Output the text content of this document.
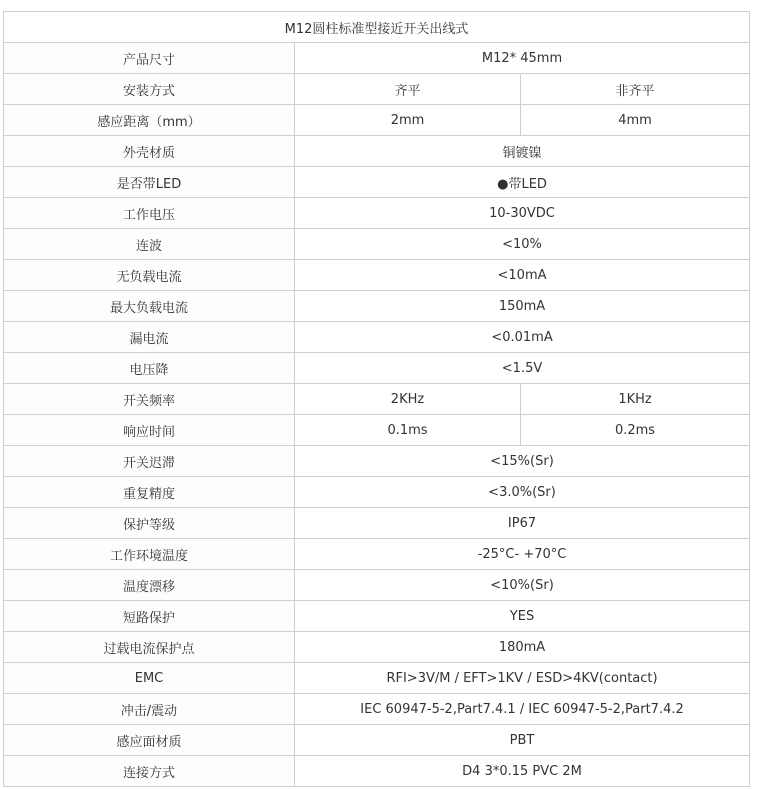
M12圆柱标准型接近开关出线式		
产品尺寸	M12* 45mm	
安装方式	齐平	非齐平
感应距离（mm）	2mm	4mm
外壳材质	铜镀镍	
是否带LED	●带LED	
工作电压	10-30VDC	
连波	<10%	
无负载电流	<10mA	
最大负载电流	150mA	
漏电流	<0.01mA	
电压降	<1.5V	
开关频率	2KHz	1KHz
响应时间	0.1ms	0.2ms
开关迟滞	<15%(Sr)	
重复精度	<3.0%(Sr)	
保护等级	IP67	
工作环境温度	-25°C- +70°C	
温度漂移	<10%(Sr)	
短路保护	YES	
过载电流保护点	180mA	
EMC	RFI>3V/M / EFT>1KV / ESD>4KV(contact)	
冲击/震动	IEC 60947-5-2,Part7.4.1 / IEC 60947-5-2,Part7.4.2	
感应面材质	PBT	
连接方式	D4 3*0.15 PVC 2M	
